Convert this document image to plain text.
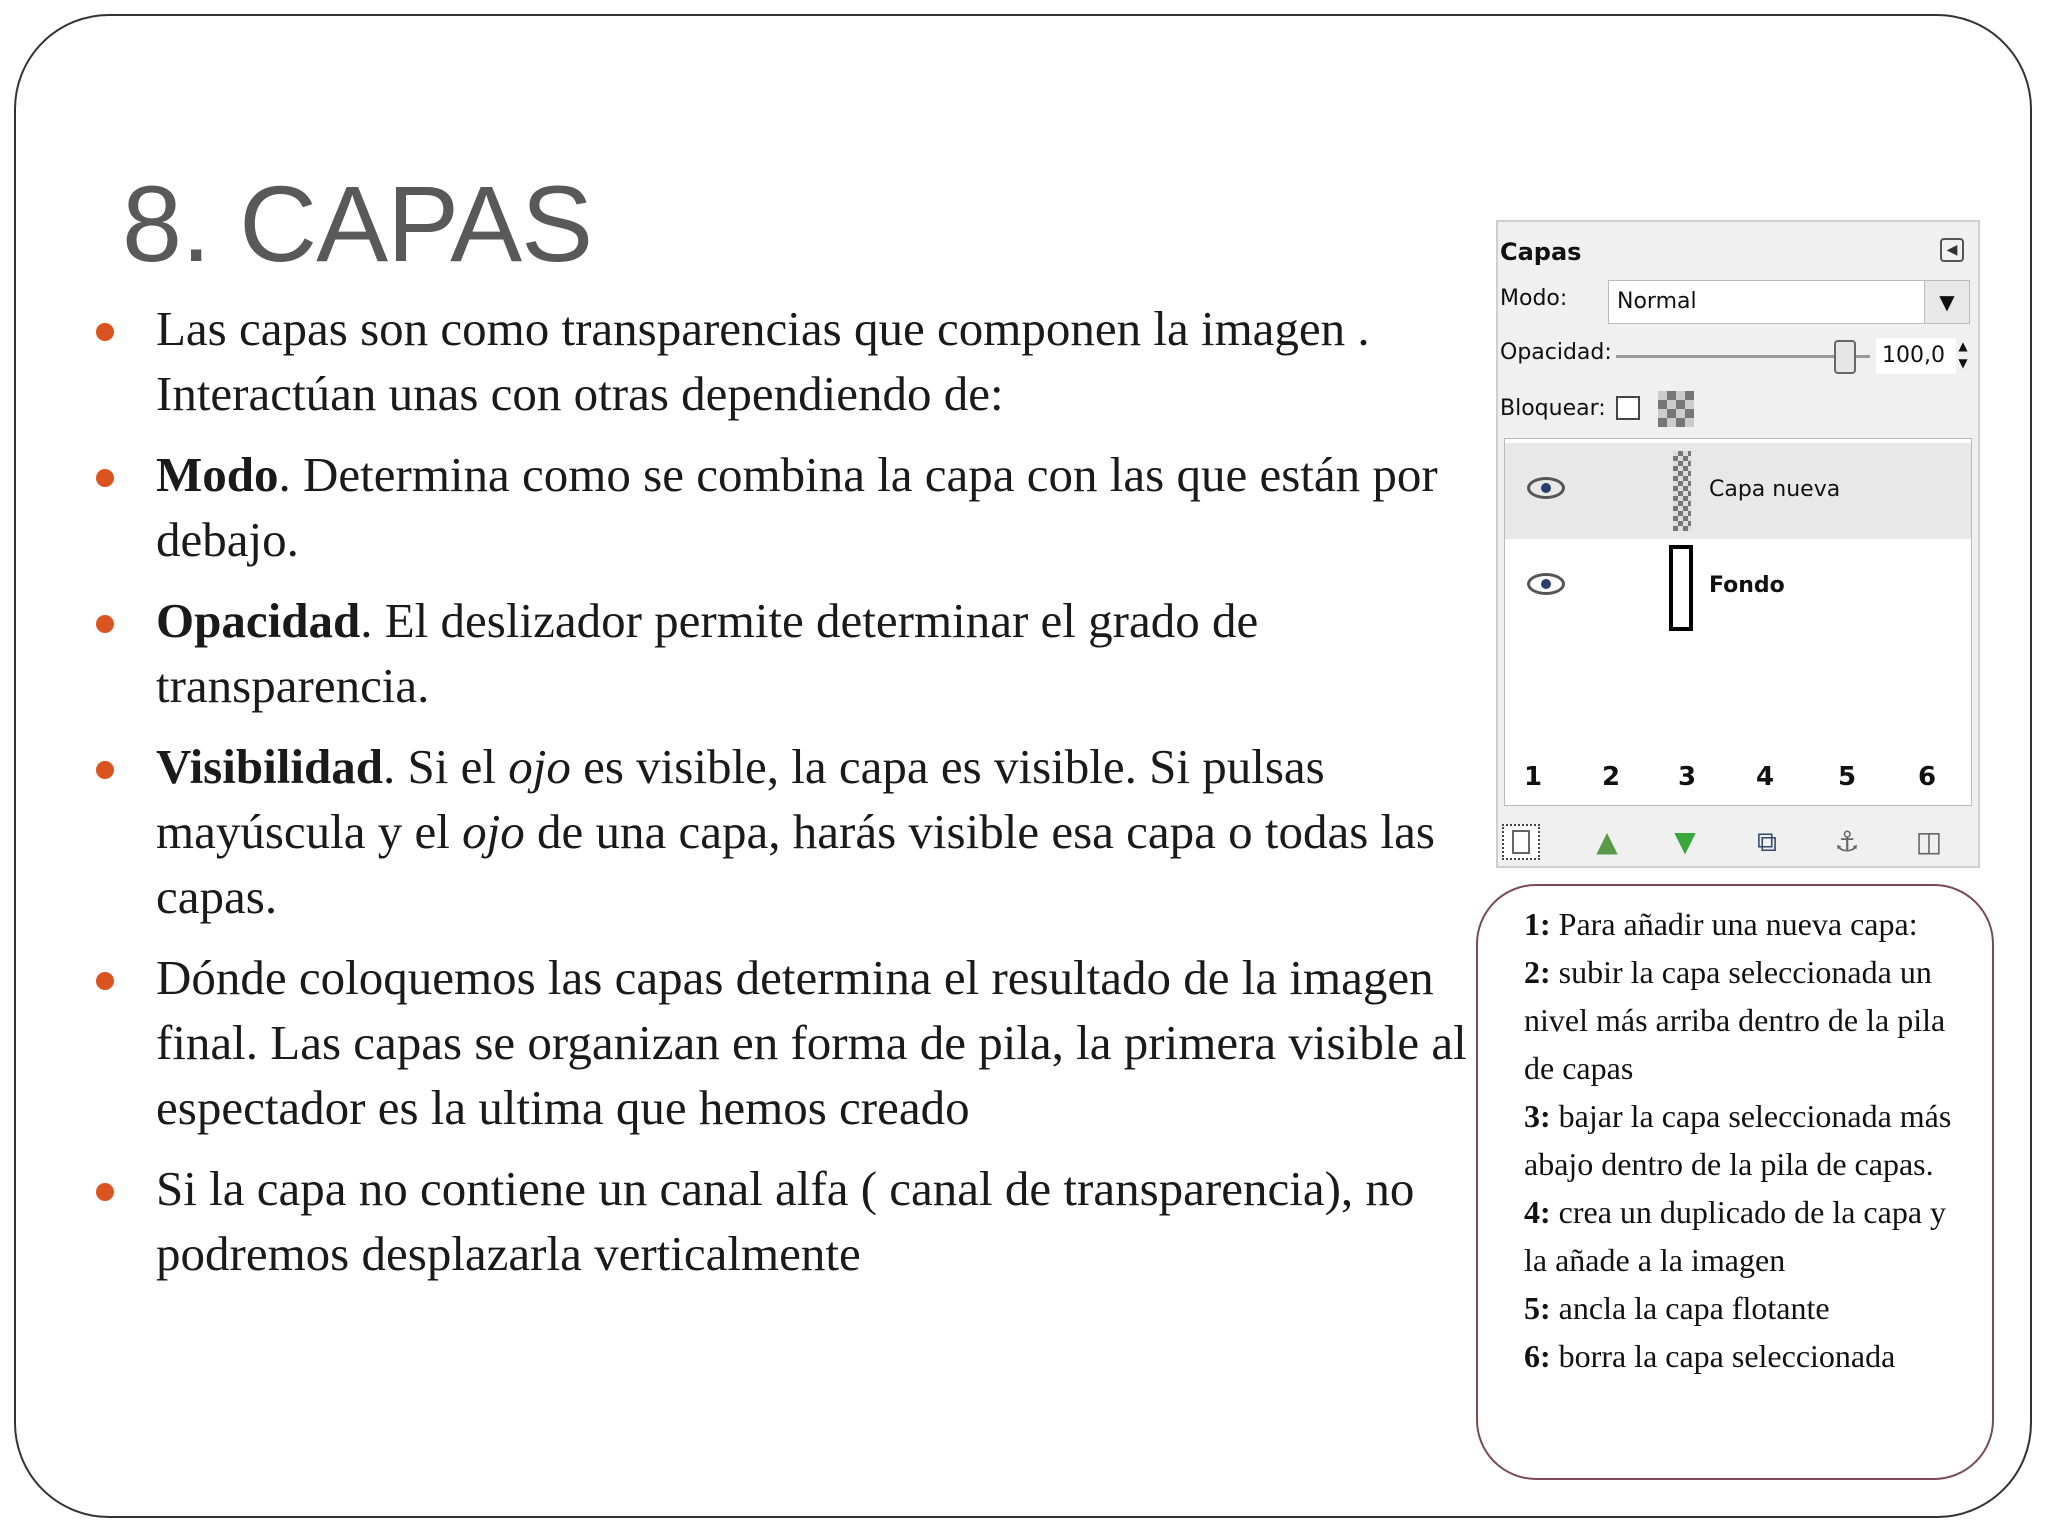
8. CAPAS
Las capas son como transparencias que componen la imagen . Interactúan unas con otras dependiendo de:
Modo. Determina como se combina la capa con las que están por debajo.
Opacidad. El deslizador permite determinar el grado de transparencia.
Visibilidad. Si el ojo es visible, la capa es visible. Si pulsas mayúscula y el ojo de una capa, harás visible esa capa o todas las capas.
Dónde coloquemos las capas determina el resultado de la imagen final. Las capas se organizan en forma de pila, la primera visible al espectador es la ultima que hemos creado
Si la capa no contiene un canal alfa ( canal de transparencia), no podremos desplazarla verticalmente
Capas	◀
Modo:	Normal	▼
Opacidad:	100,0	▲
▼
Bloquear:
Capa nueva
Fondo
1 2 3 4 5 6
▲ ▼	⧉	⚓ ◫

1: Para añadir una nueva capa:

2: subir la capa seleccionada un nivel más arriba dentro de la pila de capas

3: bajar la capa seleccionada más abajo dentro de la pila de capas.

4: crea un duplicado de la capa y la añade a la imagen

5: ancla la capa flotante

6: borra la capa seleccionada
